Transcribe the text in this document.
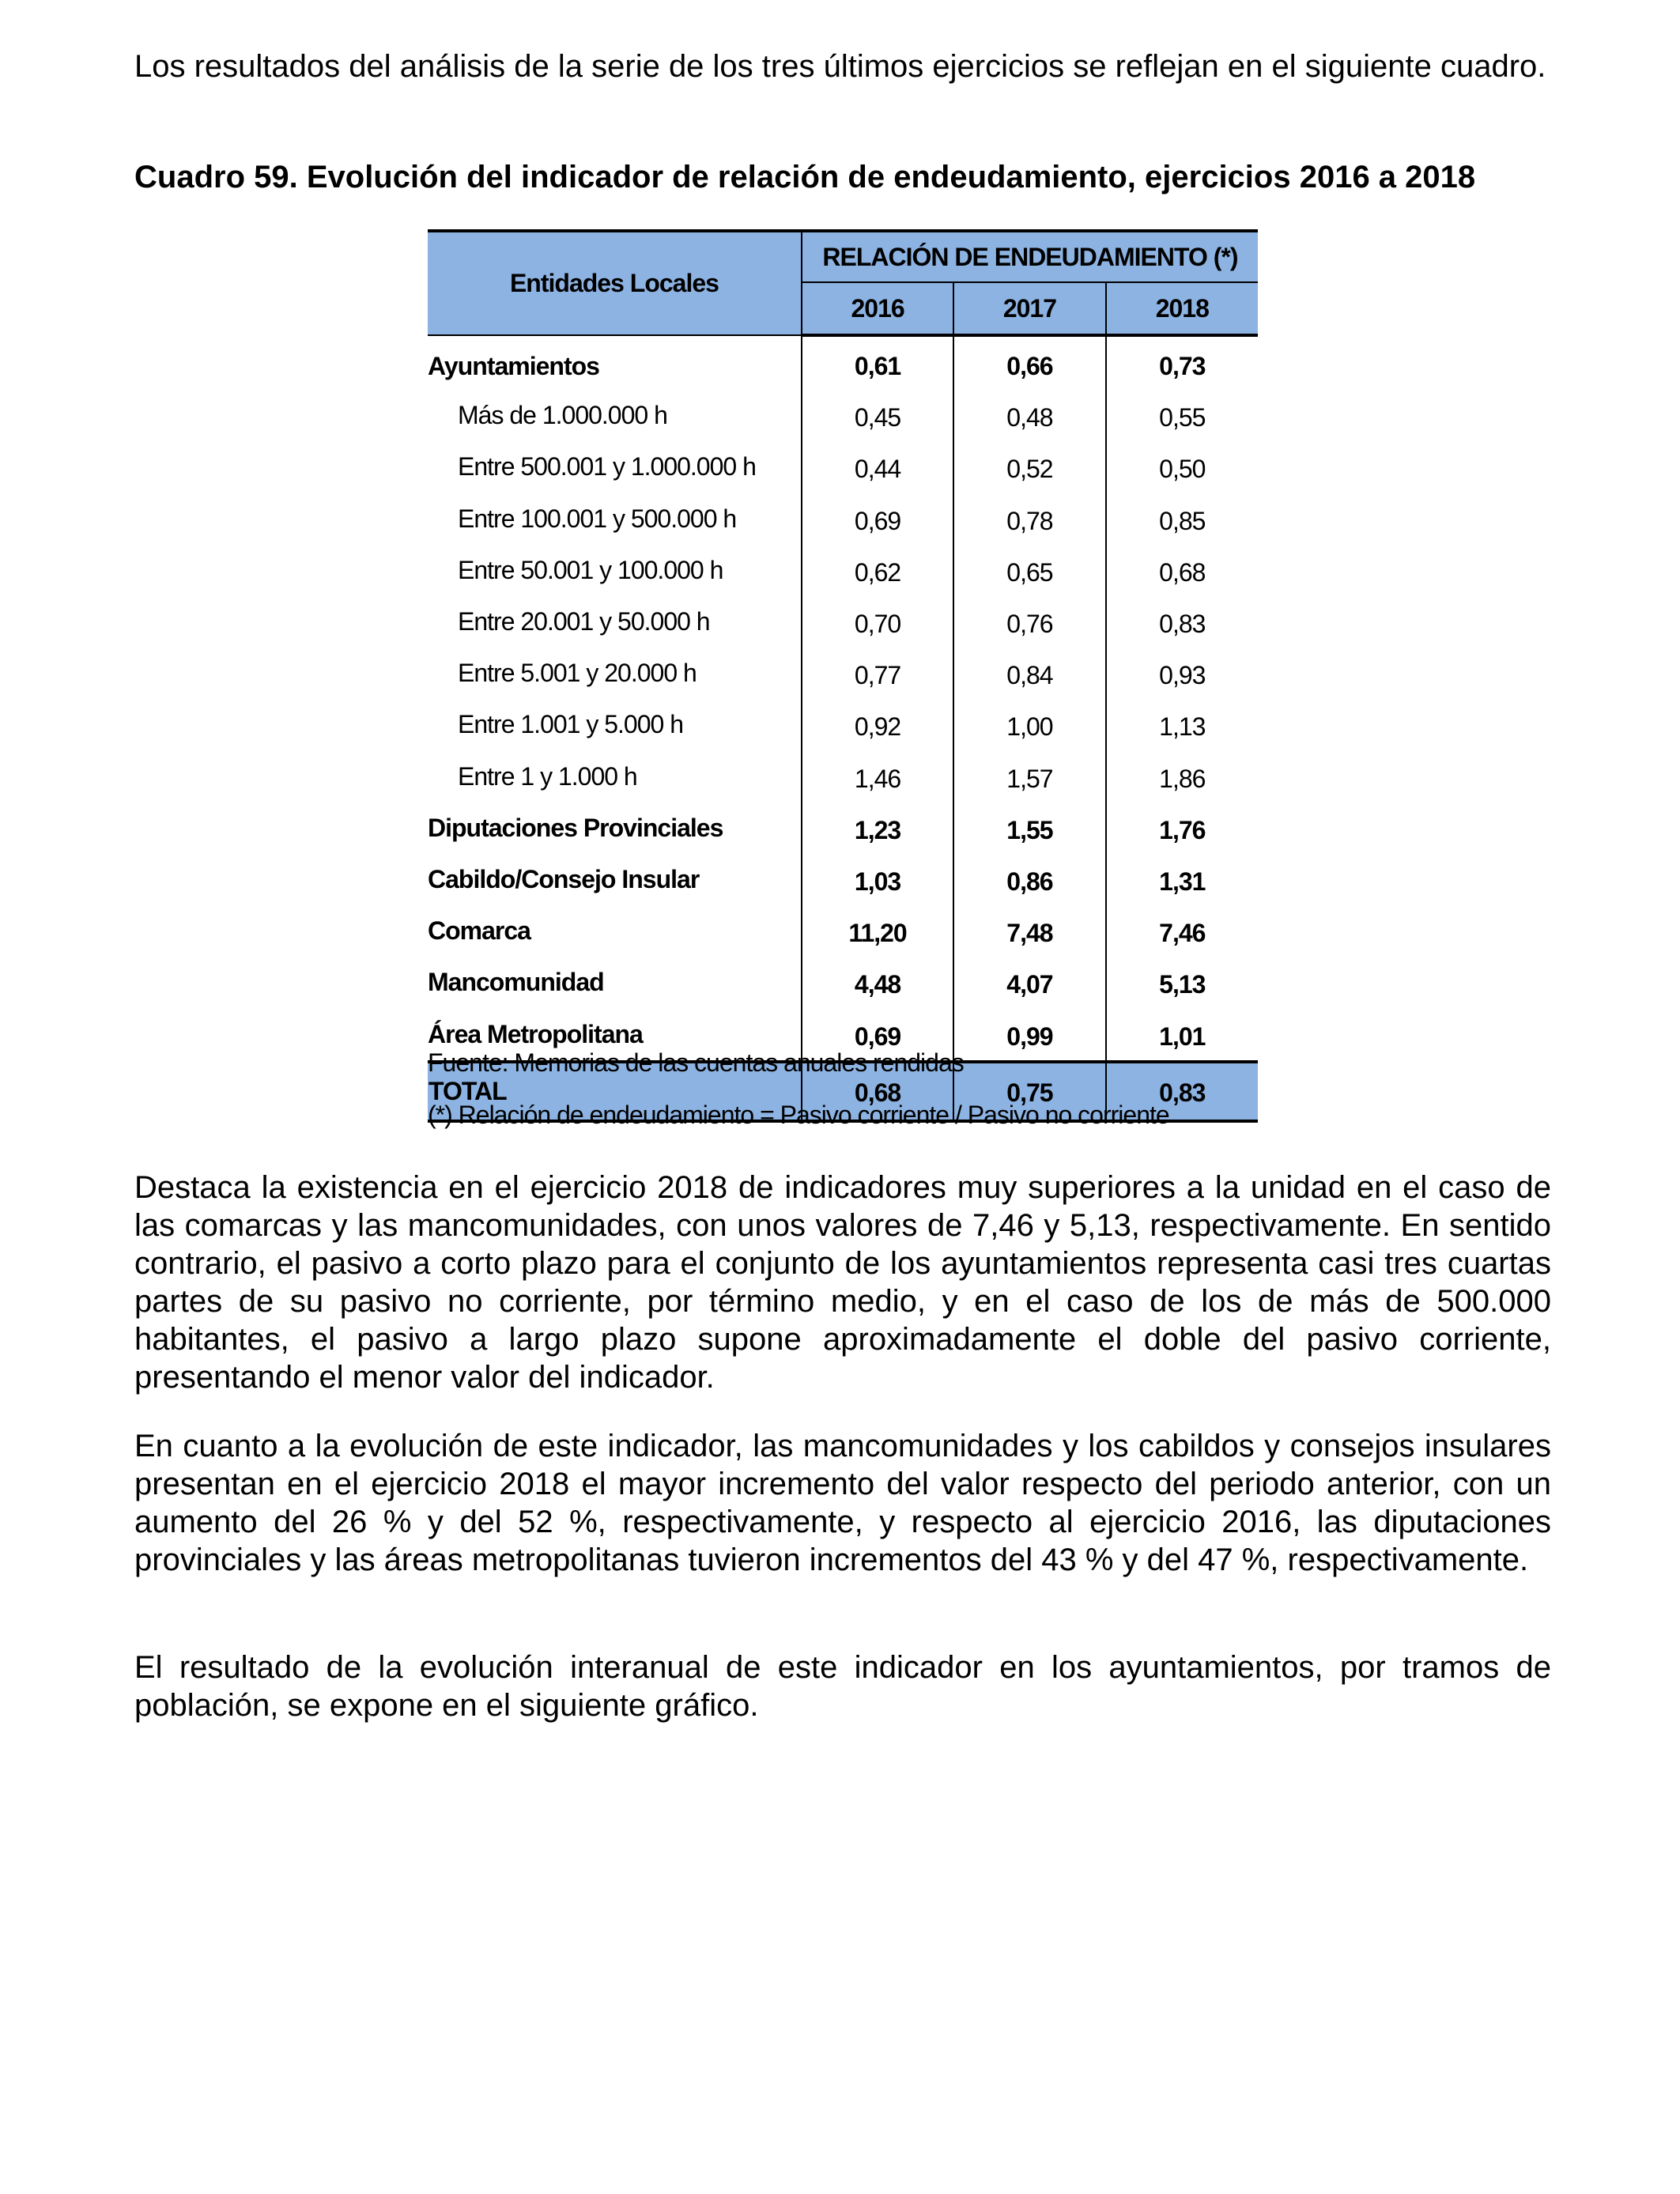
Los resultados del análisis de la serie de los tres últimos ejercicios se reflejan en el siguiente cuadro.

Cuadro 59. Evolución del indicador de relación de endeudamiento, ejercicios 2016 a 2018

Entidades Locales	RELACIÓN DE ENDEUDAMIENTO (*)		
	2016	2017	2018
Ayuntamientos	0,61	0,66	0,73
Más de 1.000.000 h	0,45	0,48	0,55
Entre 500.001 y 1.000.000 h	0,44	0,52	0,50
Entre 100.001 y 500.000 h	0,69	0,78	0,85
Entre 50.001 y 100.000 h	0,62	0,65	0,68
Entre 20.001 y 50.000 h	0,70	0,76	0,83
Entre 5.001 y 20.000 h	0,77	0,84	0,93
Entre 1.001 y 5.000 h	0,92	1,00	1,13
Entre 1 y 1.000 h	1,46	1,57	1,86
Diputaciones Provinciales	1,23	1,55	1,76
Cabildo/Consejo Insular	1,03	0,86	1,31
Comarca	11,20	7,48	7,46
Mancomunidad	4,48	4,07	5,13
Área Metropolitana	0,69	0,99	1,01
TOTAL	0,68	0,75	0,83

Fuente: Memorias de las cuentas anuales rendidas

(*) Relación de endeudamiento = Pasivo corriente / Pasivo no corriente

Destaca la existencia en el ejercicio 2018 de indicadores muy superiores a la unidad en el caso de las comarcas y las mancomunidades, con unos valores de 7,46 y 5,13, respectivamente. En sentido contrario, el pasivo a corto plazo para el conjunto de los ayuntamientos representa casi tres cuartas partes de su pasivo no corriente, por término medio, y en el caso de los de más de 500.000 habitantes, el pasivo a largo plazo supone aproximadamente el doble del pasivo corriente, presentando el menor valor del indicador.

En cuanto a la evolución de este indicador, las mancomunidades y los cabildos y consejos insulares presentan en el ejercicio 2018 el mayor incremento del valor respecto del periodo anterior, con un aumento del 26 % y del 52 %, respectivamente, y respecto al ejercicio 2016, las diputaciones provinciales y las áreas metropolitanas tuvieron incrementos del 43 % y del 47 %, respectivamente.

El resultado de la evolución interanual de este indicador en los ayuntamientos, por tramos de población, se expone en el siguiente gráfico.
